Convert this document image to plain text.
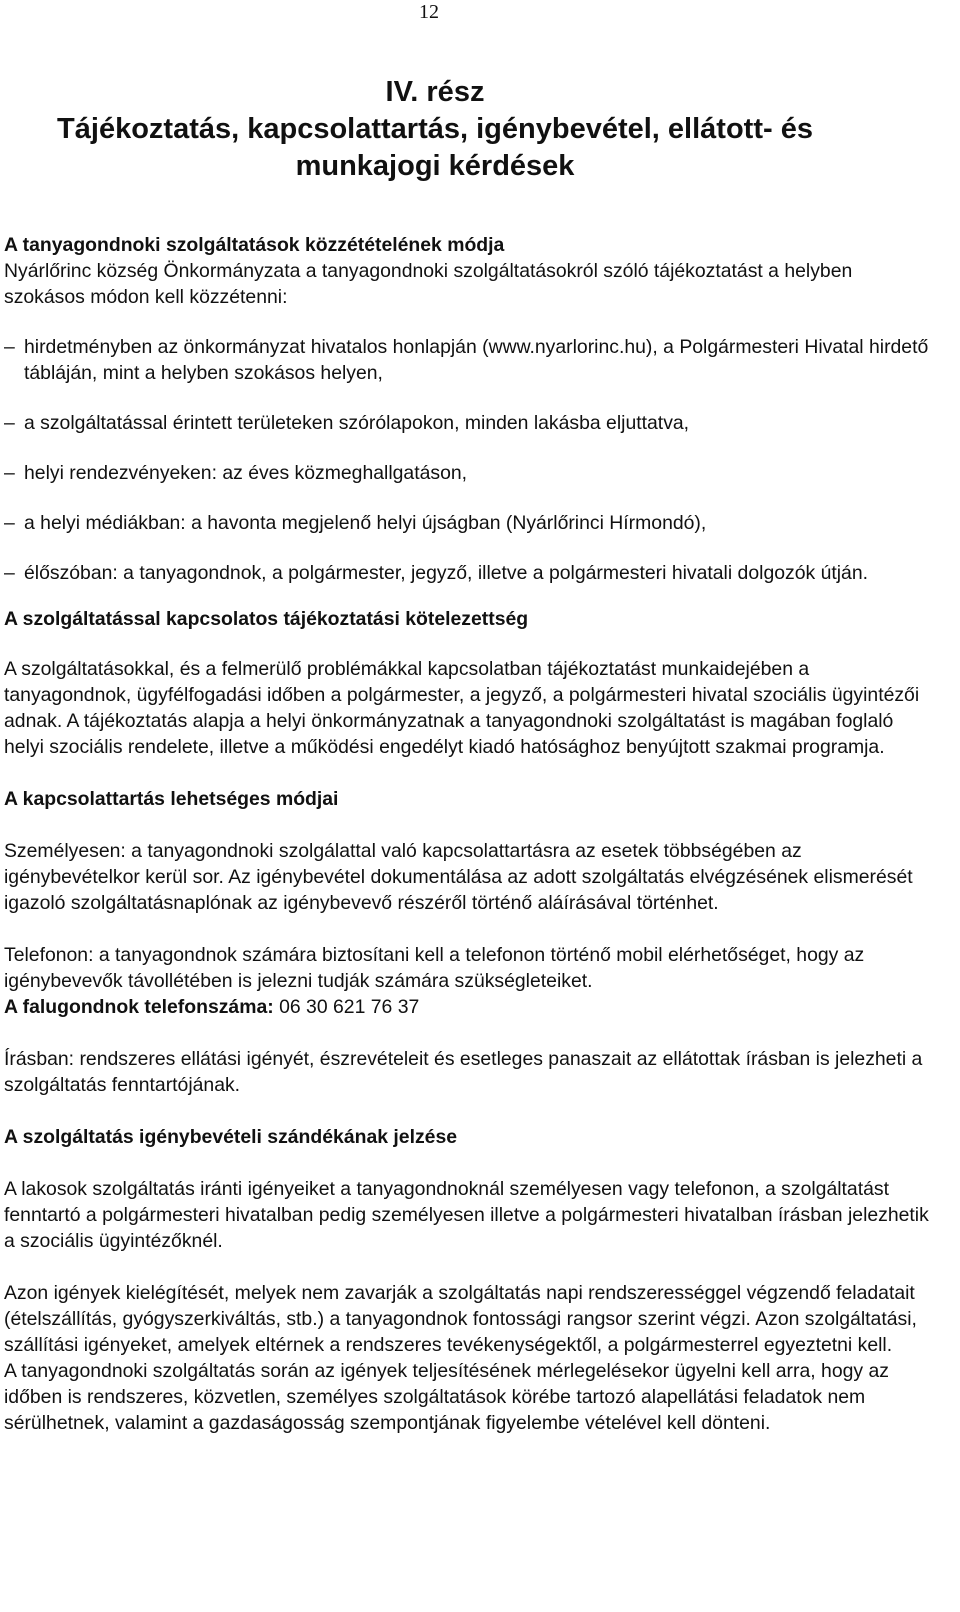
12
IV. rész
Tájékoztatás, kapcsolattartás, igénybevétel, ellátott- és
munkajogi kérdések

A tanyagondnoki szolgáltatások közzétételének módja

Nyárlőrinc község Önkormányzata a tanyagondnoki szolgáltatásokról szóló tájékoztatást a helyben szokásos módon kell közzétenni:

– hirdetményben az önkormányzat hivatalos honlapján (www.nyarlorinc.hu), a Polgármesteri Hivatal hirdető tábláján, mint a helyben szokásos helyen,

– a szolgáltatással érintett területeken szórólapokon, minden lakásba eljuttatva,

– helyi rendezvényeken: az éves közmeghallgatáson,

– a helyi médiákban: a havonta megjelenő helyi újságban (Nyárlőrinci Hírmondó),

– élőszóban: a tanyagondnok, a polgármester, jegyző, illetve a polgármesteri hivatali dolgozók útján.

A szolgáltatással kapcsolatos tájékoztatási kötelezettség

A szolgáltatásokkal, és a felmerülő problémákkal kapcsolatban tájékoztatást munkaidejében a tanyagondnok, ügyfélfogadási időben a polgármester, a jegyző, a polgármesteri hivatal szociális ügyintézői adnak. A tájékoztatás alapja a helyi önkormányzatnak a tanyagondnoki szolgáltatást is magában foglaló helyi szociális rendelete, illetve a működési engedélyt kiadó hatósághoz benyújtott szakmai programja.

A kapcsolattartás lehetséges módjai

Személyesen: a tanyagondnoki szolgálattal való kapcsolattartásra az esetek többségében az igénybevételkor kerül sor. Az igénybevétel dokumentálása az adott szolgáltatás elvégzésének elismerését igazoló szolgáltatásnaplónak az igénybevevő részéről történő aláírásával történhet.

Telefonon: a tanyagondnok számára biztosítani kell a telefonon történő mobil elérhetőséget, hogy az igénybevevők távollétében is jelezni tudják számára szükségleteiket.

A falugondnok telefonszáma: 06 30 621 76 37

Írásban: rendszeres ellátási igényét, észrevételeit és esetleges panaszait az ellátottak írásban is jelezheti a szolgáltatás fenntartójának.

A szolgáltatás igénybevételi szándékának jelzése

A lakosok szolgáltatás iránti igényeiket a tanyagondnoknál személyesen vagy telefonon, a szolgáltatást fenntartó a polgármesteri hivatalban pedig személyesen illetve a polgármesteri hivatalban írásban jelezhetik a szociális ügyintézőknél.

Azon igények kielégítését, melyek nem zavarják a szolgáltatás napi rendszerességgel végzendő feladatait (ételszállítás, gyógyszerkiváltás, stb.) a tanyagondnok fontossági rangsor szerint végzi. Azon szolgáltatási, szállítási igényeket, amelyek eltérnek a rendszeres tevékenységektől, a polgármesterrel egyeztetni kell.

A tanyagondnoki szolgáltatás során az igények teljesítésének mérlegelésekor ügyelni kell arra, hogy az időben is rendszeres, közvetlen, személyes szolgáltatások körébe tartozó alapellátási feladatok nem sérülhetnek, valamint a gazdaságosság szempontjának figyelembe vételével kell dönteni.
